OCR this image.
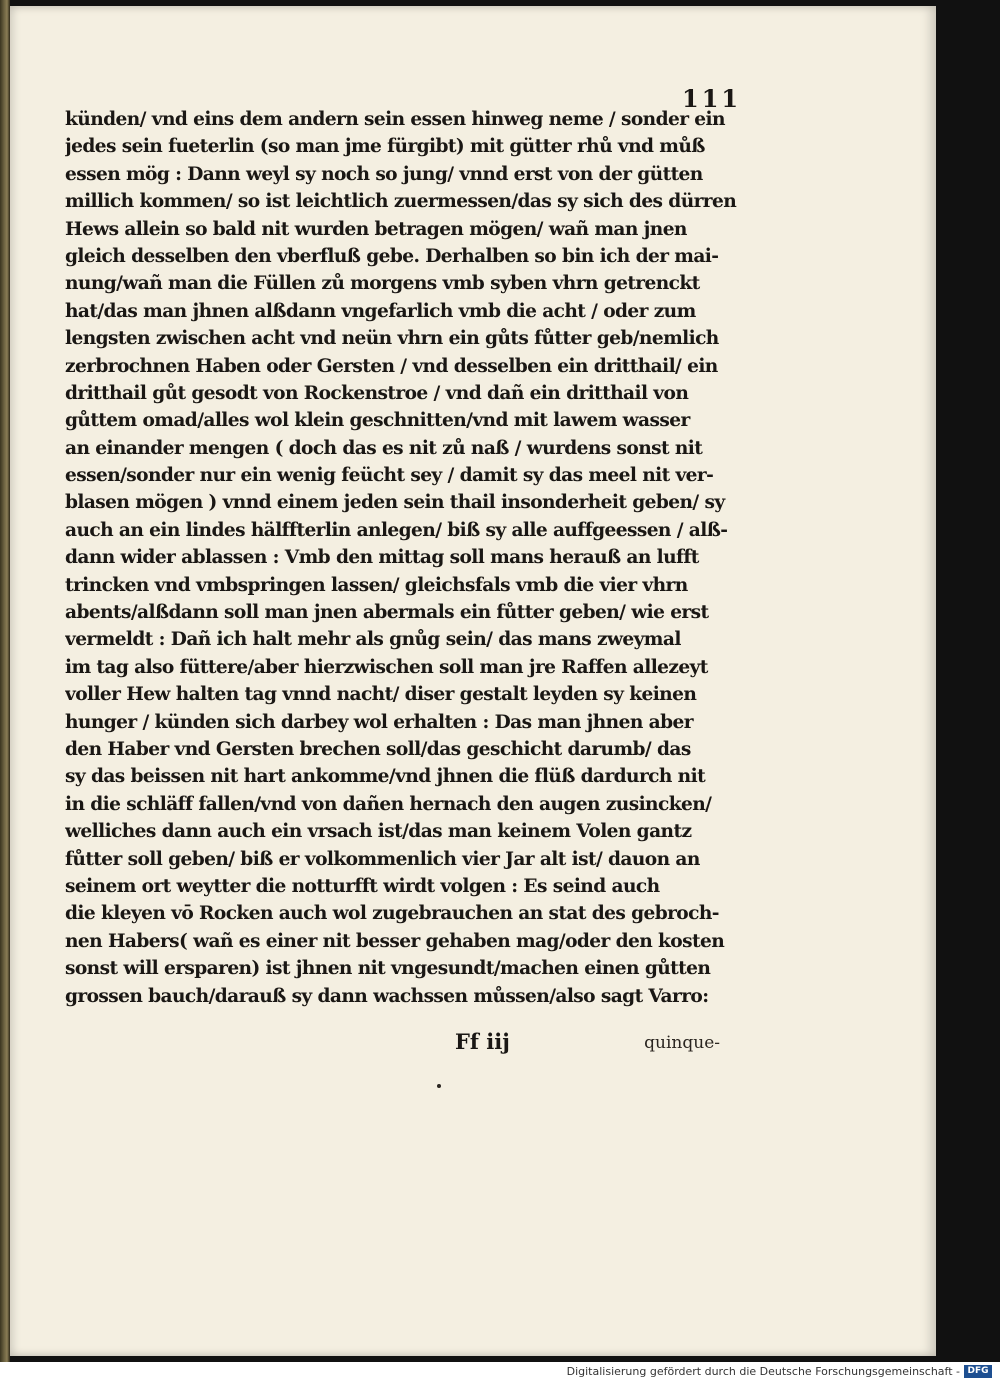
111
künden/ vnd eins dem andern sein essen hinweg neme / sonder ein
jedes sein fueterlin (so man jme fürgibt) mit gütter rhů vnd můß
essen mög : Dann weyl sy noch so jung/ vnnd erst von der gütten
millich kommen/ so ist leichtlich zuermessen/das sy sich des dürren
Hews allein so bald nit wurden betragen mögen/ wañ man jnen
gleich desselben den vberfluß gebe. Derhalben so bin ich der mai-
nung/wañ man die Füllen zů morgens vmb syben vhrn getrenckt
hat/das man jhnen alßdann vngefarlich vmb die acht / oder zum
lengsten zwischen acht vnd neün vhrn ein gůts fůtter geb/nemlich
zerbrochnen Haben oder Gersten / vnd desselben ein dritthail/ ein
dritthail gůt gesodt von Rockenstroe / vnd dañ ein dritthail von
gůttem omad/alles wol klein geschnitten/vnd mit lawem wasser
an einander mengen ( doch das es nit zů naß / wurdens sonst nit
essen/sonder nur ein wenig feücht sey / damit sy das meel nit ver-
blasen mögen ) vnnd einem jeden sein thail insonderheit geben/ sy
auch an ein lindes hälffterlin anlegen/ biß sy alle auffgeessen / alß-
dann wider ablassen : Vmb den mittag soll mans herauß an lufft
trincken vnd vmbspringen lassen/ gleichsfals vmb die vier vhrn
abents/alßdann soll man jnen abermals ein fůtter geben/ wie erst
vermeldt : Dañ ich halt mehr als gnůg sein/ das mans zweymal
im tag also füttere/aber hierzwischen soll man jre Raffen allezeyt
voller Hew halten tag vnnd nacht/ diser gestalt leyden sy keinen
hunger / künden sich darbey wol erhalten : Das man jhnen aber
den Haber vnd Gersten brechen soll/das geschicht darumb/ das
sy das beissen nit hart ankomme/vnd jhnen die flüß dardurch nit
in die schläff fallen/vnd von dañen hernach den augen zusincken/
welliches dann auch ein vrsach ist/das man keinem Volen gantz
fůtter soll geben/ biß er volkommenlich vier Jar alt ist/ dauon an
seinem ort weytter die notturfft wirdt volgen : Es seind auch
die kleyen vō Rocken auch wol zugebrauchen an stat des gebroch-
nen Habers( wañ es einer nit besser gehaben mag/oder den kosten
sonst will ersparen) ist jhnen nit vngesundt/machen einen gůtten
grossen bauch/darauß sy dann wachssen můssen/also sagt Varro:
Ff iij	quinque-
Digitalisierung gefördert durch die Deutsche Forschungsgemeinschaft - DFG
